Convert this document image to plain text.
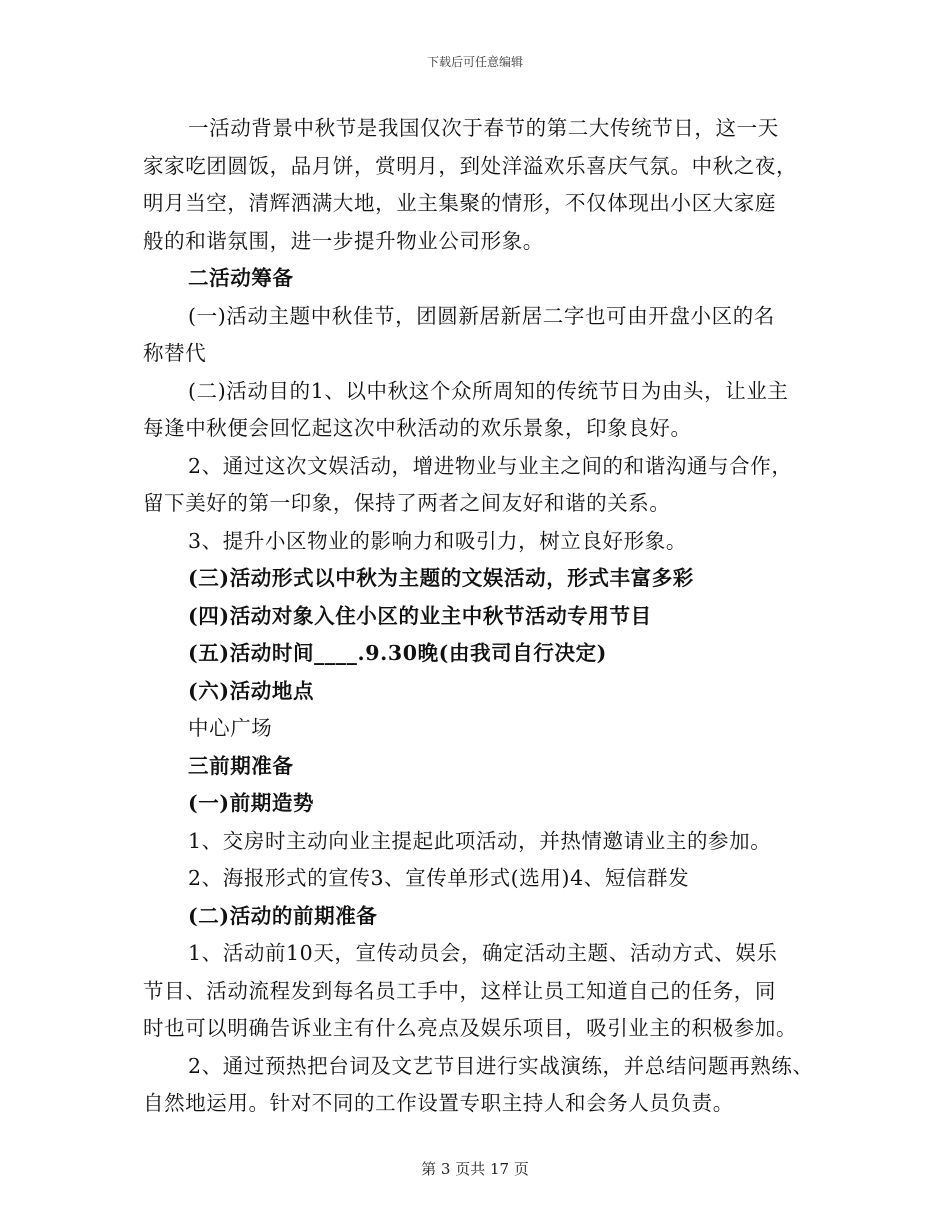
下载后可任意编辑
一活动背景中秋节是我国仅次于春节的第二大传统节日，这一天
家家吃团圆饭，品月饼，赏明月，到处洋溢欢乐喜庆气氛。中秋之夜，
明月当空，清辉洒满大地，业主集聚的情形，不仅体现出小区大家庭
般的和谐氛围，进一步提升物业公司形象。
二活动筹备
(一)活动主题中秋佳节，团圆新居新居二字也可由开盘小区的名
称替代
(二)活动目的1、以中秋这个众所周知的传统节日为由头，让业主
每逢中秋便会回忆起这次中秋活动的欢乐景象，印象良好。
2、通过这次文娱活动，增进物业与业主之间的和谐沟通与合作，
留下美好的第一印象，保持了两者之间友好和谐的关系。
3、提升小区物业的影响力和吸引力，树立良好形象。
(三)活动形式以中秋为主题的文娱活动，形式丰富多彩
(四)活动对象入住小区的业主中秋节活动专用节目
(五)活动时间____.9.30晚(由我司自行决定)
(六)活动地点
中心广场
三前期准备
(一)前期造势
1、交房时主动向业主提起此项活动，并热情邀请业主的参加。
2、海报形式的宣传3、宣传单形式(选用)4、短信群发
(二)活动的前期准备
1、活动前10天，宣传动员会，确定活动主题、活动方式、娱乐
节目、活动流程发到每名员工手中，这样让员工知道自己的任务，同
时也可以明确告诉业主有什么亮点及娱乐项目，吸引业主的积极参加。
2、通过预热把台词及文艺节目进行实战演练，并总结问题再熟练、
自然地运用。针对不同的工作设置专职主持人和会务人员负责。
第 3 页共 17 页
